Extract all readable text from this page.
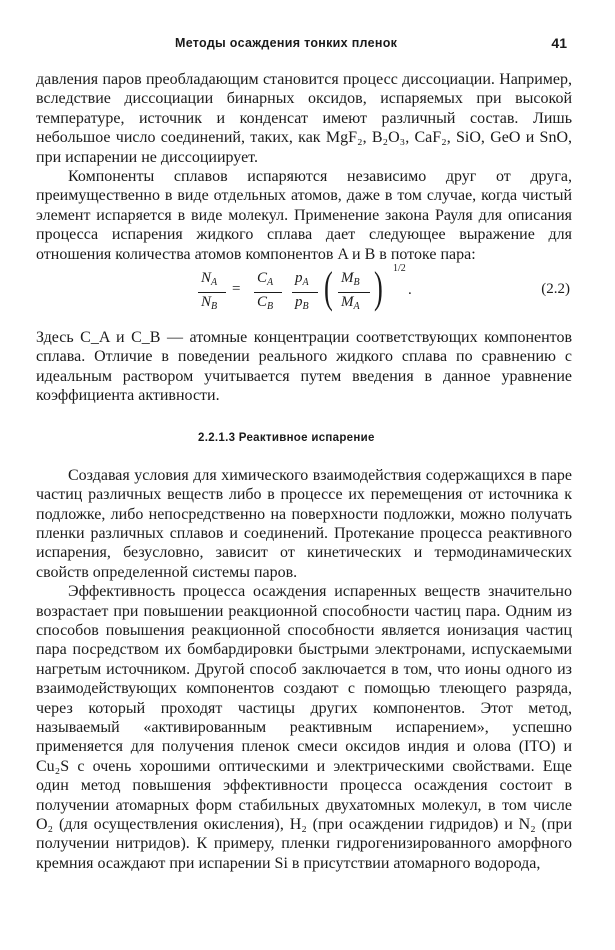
Методы осаждения тонких пленок	41

давления паров преобладающим становится процесс диссоциации. Например, вследствие диссоциации бинарных оксидов, испаряемых при высокой температуре, источник и конденсат имеют различный состав. Лишь небольшое число соединений, таких, как MgF₂, B₂O₃, CaF₂, SiO, GeO и SnO, при испарении не диссоциирует.

Компоненты сплавов испаряются независимо друг от друга, преимущественно в виде отдельных атомов, даже в том случае, когда чистый элемент испаряется в виде молекул. Применение закона Рауля для описания процесса испарения жидкого сплава дает следующее выражение для отношения количества атомов компонентов A и B в потоке пара:

$N_A$
$N_B$
=
$C_A$
$C_B$
$p_A$
$p_B$ ( $M_B$
$M_A$ ) 1/2
.	(2.2)

Здесь C_A и C_B — атомные концентрации соответствующих компонентов сплава. Отличие в поведении реального жидкого сплава по сравнению с идеальным раствором учитывается путем введения в данное уравнение коэффициента активности.

2.2.1.3 Реактивное испарение

Создавая условия для химического взаимодействия содержащихся в паре частиц различных веществ либо в процессе их перемещения от источника к подложке, либо непосредственно на поверхности подложки, можно получать пленки различных сплавов и соединений. Протекание процесса реактивного испарения, безусловно, зависит от кинетических и термодинамических свойств определенной системы паров.

Эффективность процесса осаждения испаренных веществ значительно возрастает при повышении реакционной способности частиц пара. Одним из способов повышения реакционной способности является ионизация частиц пара посредством их бомбардировки быстрыми электронами, испускаемыми нагретым источником. Другой способ заключается в том, что ионы одного из взаимодействующих компонентов создают с помощью тлеющего разряда, через который проходят частицы других компонентов. Этот метод, называемый «активированным реактивным испарением», успешно применяется для получения пленок смеси оксидов индия и олова (ITO) и Cu₂S с очень хорошими оптическими и электрическими свойствами. Еще один метод повышения эффективности процесса осаждения состоит в получении атомарных форм стабильных двухатомных молекул, в том числе O₂ (для осуществления окисления), H₂ (при осаждении гидридов) и N₂ (при получении нитридов). К примеру, пленки гидрогенизированного аморфного кремния осаждают при испарении Si в присутствии атомарного водорода,
